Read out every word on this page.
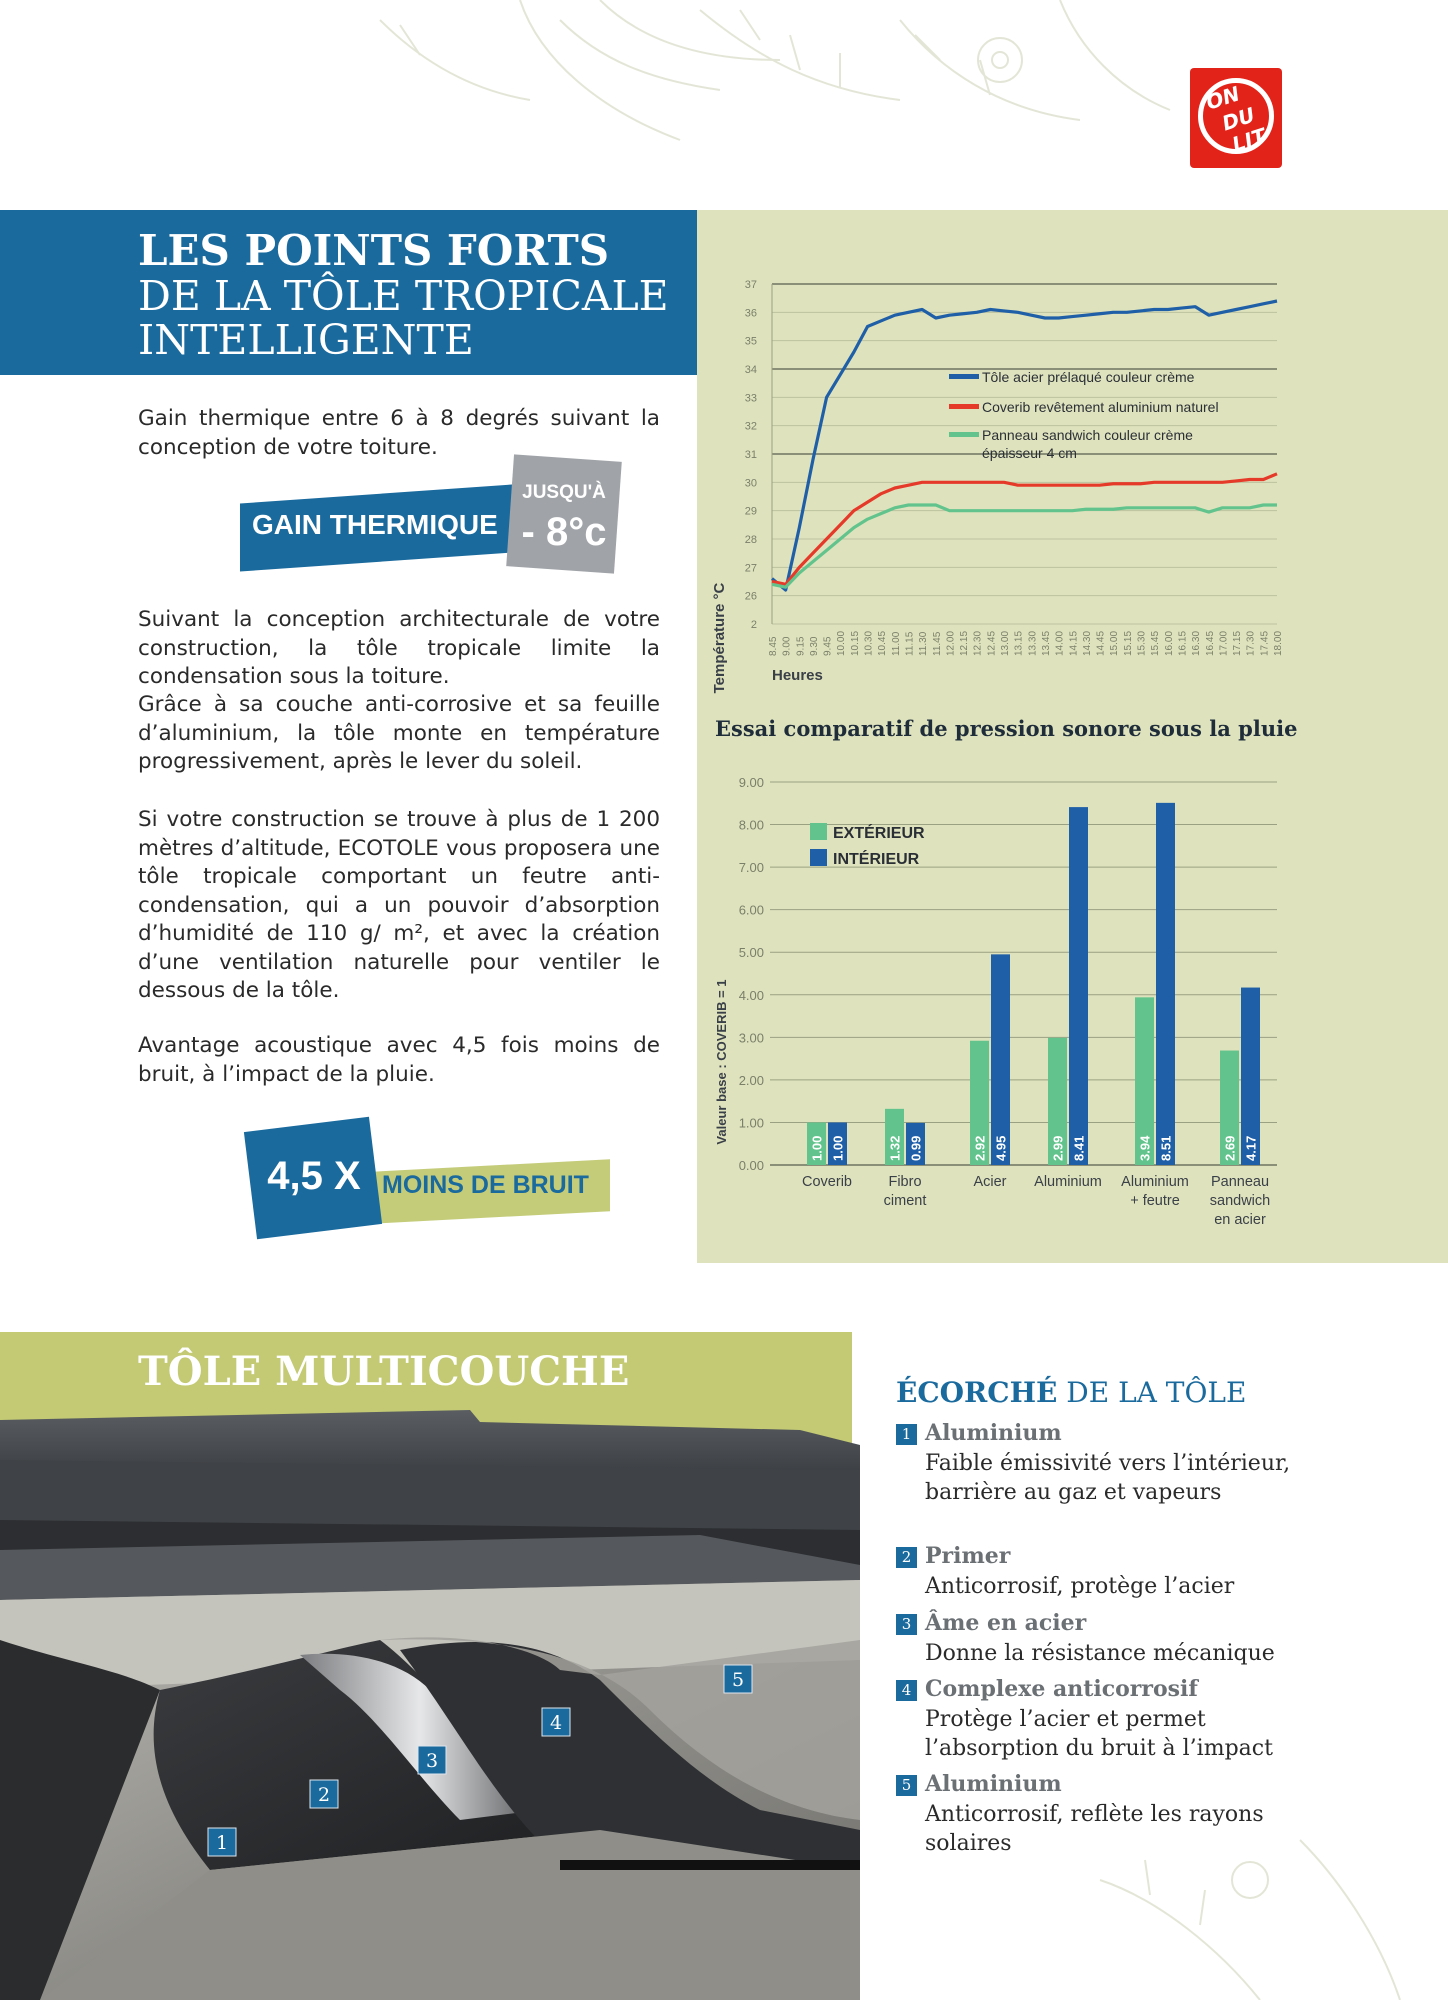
ON
DU
LIT
LES POINTS FORTS
DE LA TÔLE TROPICALE
INTELLIGENTE
Gain thermique entre 6 à 8 degrés suivant la conception de votre toiture.
GAIN THERMIQUE
JUSQU'À
- 8°c
Suivant la conception architecturale de votre construction, la tôle tropicale limite la condensation sous la toiture.
Grâce à sa couche anti-corrosive et sa feuille d’aluminium, la tôle monte en température progressivement, après le lever du soleil.
Si votre construction se trouve à plus de 1 200 mètres d’altitude, ECOTOLE vous proposera une tôle tropicale comportant un feutre anti-condensation, qui a un pouvoir d’absorption d’humidité de 110 g/ m², et avec la création d’une ventilation naturelle pour ventiler le dessous de la tôle.
Avantage acoustique avec 4,5 fois moins de bruit, à l’impact de la pluie.
4,5 X MOINS DE BRUIT
2
26
27
28
29
30
31
32
33
34
35
36
37
8.45 9.00 9.15 9.30 9.45 10.00 10.15 10.30 10.45 11.00 11.15 11.30 11.45 12.00 12.15 12.30 12.45 13.00 13.15 13.30 13.45 14.00 14.15 14.30 14.45 15.00 15.15 15.30 15.45 16.00 16.15 16.30 16.45 17.00 17.15 17.30 17.45 18.00
Tôle acier prélaqué couleur crème
Coverib revêtement aluminium naturel
Panneau sandwich couleur crème
épaisseur 4 cm
Température °C	Heures
Essai comparatif de pression sonore sous la pluie
0.00
1.00
2.00
3.00
4.00
5.00
6.00
7.00
8.00
9.00
1.00 1.00	1.32 0.99	2.92 4.95	2.99 8.41	3.94 8.51	2.69 4.17
EXTÉRIEUR
INTÉRIEUR
Coverib	Fibro
ciment
Acier Aluminium Aluminium
+ feutre
Panneau
sandwich
en acier
Valeur base : COVERIB = 1
TÔLE MULTICOUCHE
1
2
3
4
5
ÉCORCHÉ DE LA TÔLE
1 Aluminium
Faible émissivité vers l’intérieur, barrière au gaz et vapeurs
2 Primer
Anticorrosif, protège l’acier
3 Âme en acier
Donne la résistance mécanique
4 Complexe anticorrosif
Protège l’acier et permet l’absorption du bruit à l’impact
5 Aluminium
Anticorrosif, reflète les rayons solaires
